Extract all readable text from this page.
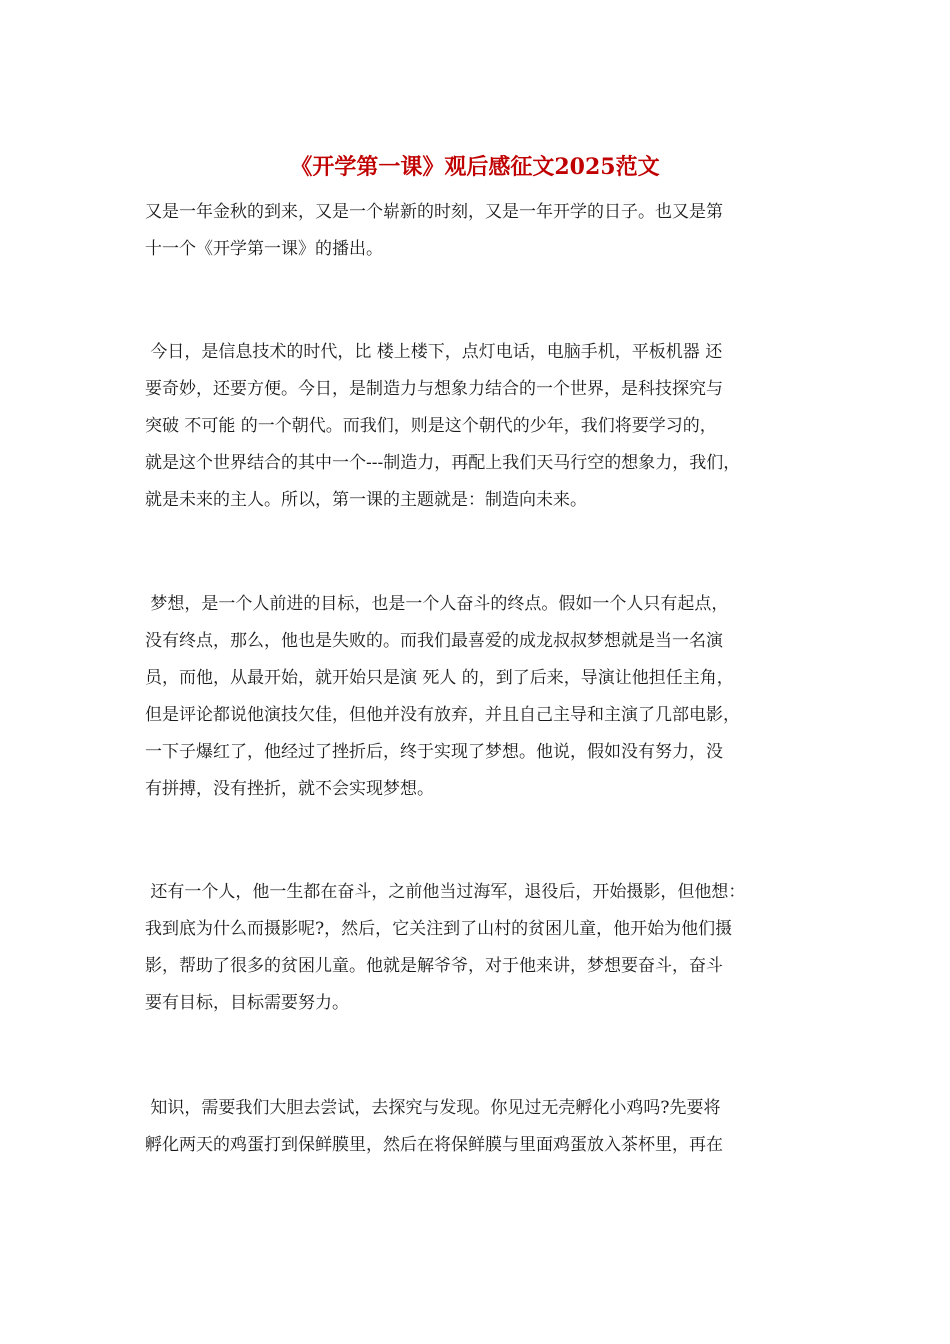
《开学第一课》观后感征文2025范文
又是一年金秋的到来，又是一个崭新的时刻，又是一年开学的日子。也又是第
十一个《开学第一课》的播出。
今日，是信息技术的时代，比 楼上楼下，点灯电话，电脑手机，平板机器 还
要奇妙，还要方便。今日，是制造力与想象力结合的一个世界，是科技探究与
突破 不可能 的一个朝代。而我们，则是这个朝代的少年，我们将要学习的，
就是这个世界结合的其中一个---制造力，再配上我们天马行空的想象力，我们，
就是未来的主人。所以，第一课的主题就是：制造向未来。
梦想，是一个人前进的目标，也是一个人奋斗的终点。假如一个人只有起点，
没有终点，那么，他也是失败的。而我们最喜爱的成龙叔叔梦想就是当一名演
员，而他，从最开始，就开始只是演 死人 的，到了后来，导演让他担任主角，
但是评论都说他演技欠佳，但他并没有放弃，并且自己主导和主演了几部电影，
一下子爆红了，他经过了挫折后，终于实现了梦想。他说，假如没有努力，没
有拼搏，没有挫折，就不会实现梦想。
还有一个人，他一生都在奋斗，之前他当过海军，退役后，开始摄影，但他想：
我到底为什么而摄影呢?，然后，它关注到了山村的贫困儿童，他开始为他们摄
影，帮助了很多的贫困儿童。他就是解爷爷，对于他来讲，梦想要奋斗，奋斗
要有目标，目标需要努力。
知识，需要我们大胆去尝试，去探究与发现。你见过无壳孵化小鸡吗?先要将
孵化两天的鸡蛋打到保鲜膜里，然后在将保鲜膜与里面鸡蛋放入茶杯里，再在
